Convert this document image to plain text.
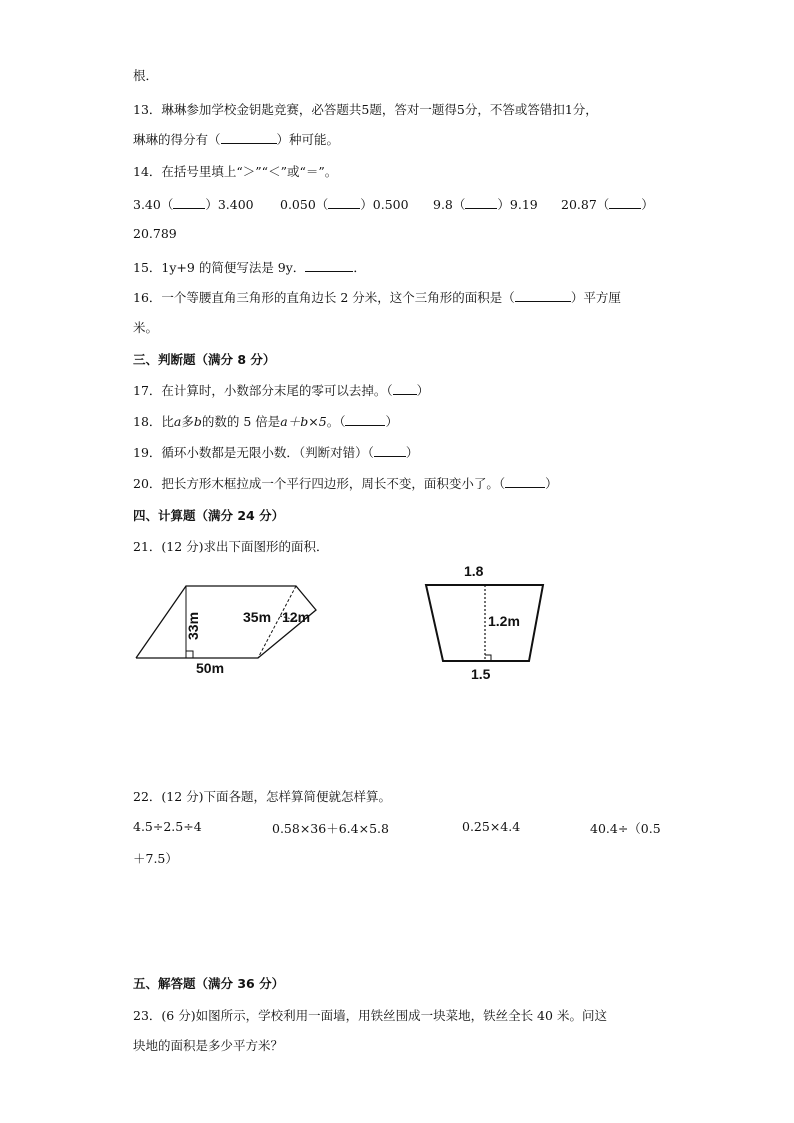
根．
13．琳琳参加学校金钥匙竞赛，必答题共5题，答对一题得5分，不答或答错扣1分，
琳琳的得分有（	）种可能。
14．在括号里填上“＞”“＜”或“＝”。
3.40（	）3.400 0.050（	）0.500 9.8（	）9.19 20.87（	）
20.789
15．1y+9 的简便写法是 9y．	．
16．一个等腰直角三角形的直角边长 2 分米，这个三角形的面积是（	）平方厘
米。
三、判断题（满分 8 分）
17．在计算时，小数部分末尾的零可以去掉。（ ）
18．比a多b的数的 5 倍是a＋b×5。（	）
19．循环小数都是无限小数．（判断对错）（	）
20．把长方形木框拉成一个平行四边形，周长不变，面积变小了。（	）
四、计算题（满分 24 分）
21．(12 分)求出下面图形的面积．
33m	35m 12m
50m
1.8
1.2m
1.5
22．(12 分)下面各题，怎样算简便就怎样算。
4.5÷2.5÷4	0.58×36＋6.4×5.8	0.25×4.4	40.4÷（0.5
＋7.5）
五、解答题（满分 36 分）
23．(6 分)如图所示，学校利用一面墙，用铁丝围成一块菜地，铁丝全长 40 米。问这
块地的面积是多少平方米？
